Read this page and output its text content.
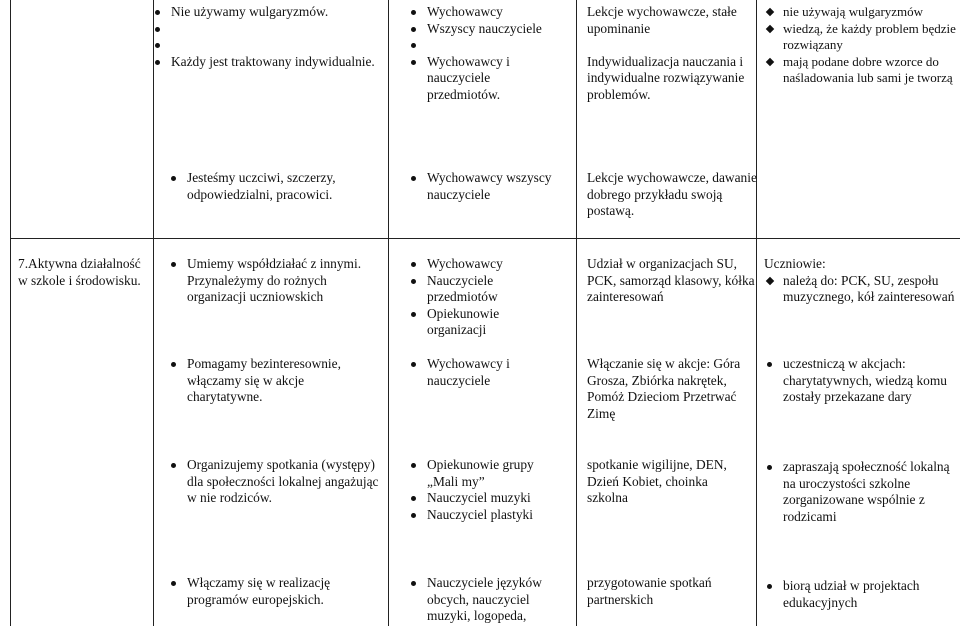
Nie używamy wulgaryzmów.
Każdy jest traktowany indywidualnie.
Wychowawcy
Wszyscy nauczyciele
Wychowawcy i nauczyciele przedmiotów.
Lekcje wychowawcze, stałe upominanie
Indywidualizacja nauczania i indywidualne rozwiązywanie problemów.
nie używają wulgaryzmów
wiedzą, że każdy problem będzie rozwiązany
mają podane dobre wzorce do naśladowania lub sami je tworzą
Jesteśmy uczciwi, szczerzy, odpowiedzialni, pracowici.
Wychowawcy wszyscy nauczyciele
Lekcje wychowawcze, dawanie dobrego przykładu swoją postawą.
7.Aktywna działalność w szkole i środowisku.
Umiemy współdziałać z innymi. Przynależymy do rożnych organizacji uczniowskich
Wychowawcy
Nauczyciele przedmiotów
Opiekunowie organizacji
Udział w organizacjach SU, PCK, samorząd klasowy, kółka zainteresowań
Uczniowie:
należą do: PCK, SU, zespołu muzycznego, kół zainteresowań
Pomagamy bezinteresownie, włączamy się w akcje charytatywne.
Wychowawcy i nauczyciele
Włączanie się w akcje: Góra Grosza, Zbiórka nakrętek, Pomóż Dzieciom Przetrwać Zimę
uczestniczą w akcjach: charytatywnych, wiedzą komu zostały przekazane dary
Organizujemy spotkania (występy) dla społeczności lokalnej angażując w nie rodziców.
Opiekunowie grupy „Mali my”
Nauczyciel muzyki
Nauczyciel plastyki
spotkanie wigilijne, DEN, Dzień Kobiet, choinka szkolna
zapraszają społeczność lokalną na uroczystości szkolne zorganizowane wspólnie z rodzicami
Włączamy się w realizację programów europejskich.
Nauczyciele języków obcych, nauczyciel muzyki, logopeda,
przygotowanie spotkań partnerskich
biorą udział w projektach edukacyjnych
